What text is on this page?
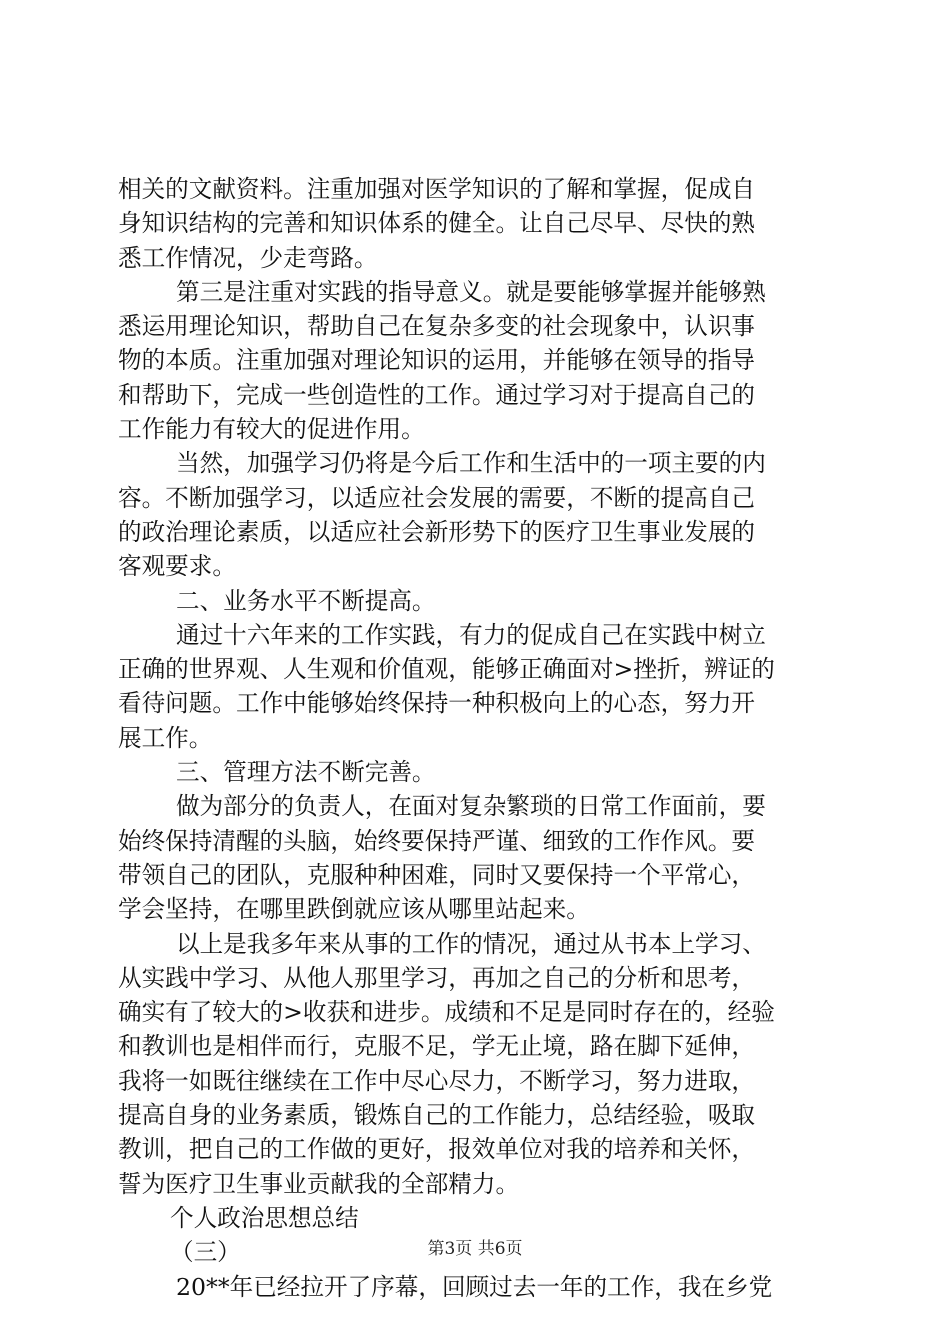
相关的文献资料。注重加强对医学知识的了解和掌握，促成自
身知识结构的完善和知识体系的健全。让自己尽早、尽快的熟
悉工作情况，少走弯路。
第三是注重对实践的指导意义。就是要能够掌握并能够熟
悉运用理论知识，帮助自己在复杂多变的社会现象中，认识事
物的本质。注重加强对理论知识的运用，并能够在领导的指导
和帮助下，完成一些创造性的工作。通过学习对于提高自己的
工作能力有较大的促进作用。
当然，加强学习仍将是今后工作和生活中的一项主要的内
容。不断加强学习，以适应社会发展的需要，不断的提高自己
的政治理论素质，以适应社会新形势下的医疗卫生事业发展的
客观要求。
二、业务水平不断提高。
通过十六年来的工作实践，有力的促成自己在实践中树立
正确的世界观、人生观和价值观，能够正确面对>挫折，辨证的
看待问题。工作中能够始终保持一种积极向上的心态，努力开
展工作。
三、管理方法不断完善。
做为部分的负责人，在面对复杂繁琐的日常工作面前，要
始终保持清醒的头脑，始终要保持严谨、细致的工作作风。要
带领自己的团队，克服种种困难，同时又要保持一个平常心，
学会坚持，在哪里跌倒就应该从哪里站起来。
以上是我多年来从事的工作的情况，通过从书本上学习、
从实践中学习、从他人那里学习，再加之自己的分析和思考，
确实有了较大的>收获和进步。成绩和不足是同时存在的，经验
和教训也是相伴而行，克服不足，学无止境，路在脚下延伸，
我将一如既往继续在工作中尽心尽力，不断学习，努力进取，
提高自身的业务素质，锻炼自己的工作能力，总结经验，吸取
教训，把自己的工作做的更好，报效单位对我的培养和关怀，
誓为医疗卫生事业贡献我的全部精力。
个人政治思想总结
（三）
20**年已经拉开了序幕，回顾过去一年的工作，我在乡党
第3页 共6页
